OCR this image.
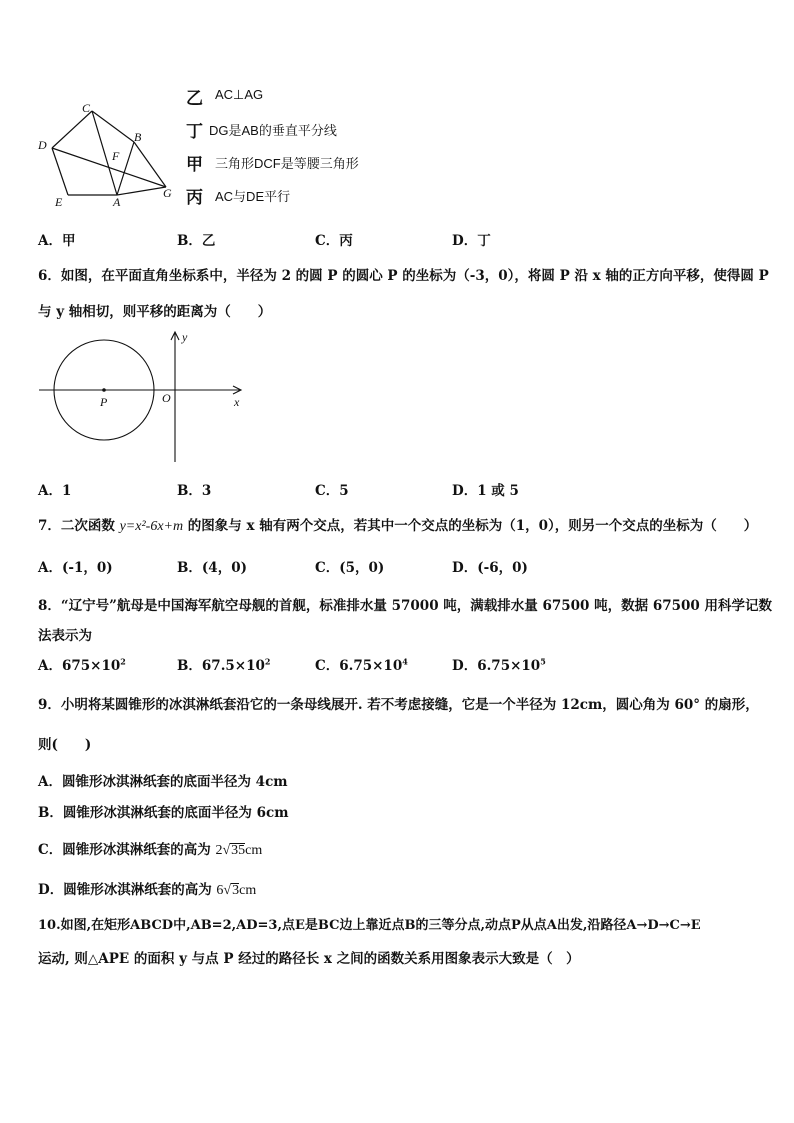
C
B
D
F
E	A
G
乙 AC⊥AG
丁 DG是AB的垂直平分线
甲 三角形DCF是等腰三角形
丙 AC与DE平行
A．甲	B．乙	C．丙	D．丁
6．如图，在平面直角坐标系中，半径为 2 的圆 P 的圆心 P 的坐标为（-3，0），将圆 P 沿 x 轴的正方向平移，使得圆 P
与 y 轴相切，则平移的距离为（　　）
y
P	O	x
A．1	B．3	C．5	D．1 或 5
7．二次函数 y=x²-6x+m 的图象与 x 轴有两个交点，若其中一个交点的坐标为（1，0），则另一个交点的坐标为（　　）
A．(-1，0)	B．(4，0)	C．(5，0)	D．(-6，0)
8．“辽宁号”航母是中国海军航空母舰的首舰，标准排水量 57000 吨，满载排水量 67500 吨，数据 67500 用科学记数
法表示为
A．$675\times 10^2$	B．$67.5\times 10^2$	C．$6.75\times 10^4$	D．$6.75\times 10^5$
9．小明将某圆锥形的冰淇淋纸套沿它的一条母线展开. 若不考虑接缝，它是一个半径为 12cm，圆心角为 60° 的扇形，
则(　　)
A．圆锥形冰淇淋纸套的底面半径为 4cm
B．圆锥形冰淇淋纸套的底面半径为 6cm
C．圆锥形冰淇淋纸套的高为 2√35cm
D．圆锥形冰淇淋纸套的高为 6√3cm
10.如图,在矩形ABCD中,AB=2,AD=3,点E是BC边上靠近点B的三等分点,动点P从点A出发,沿路径A→D→C→E
运动, 则△APE 的面积 y 与点 P 经过的路径长 x 之间的函数关系用图象表示大致是（　）
